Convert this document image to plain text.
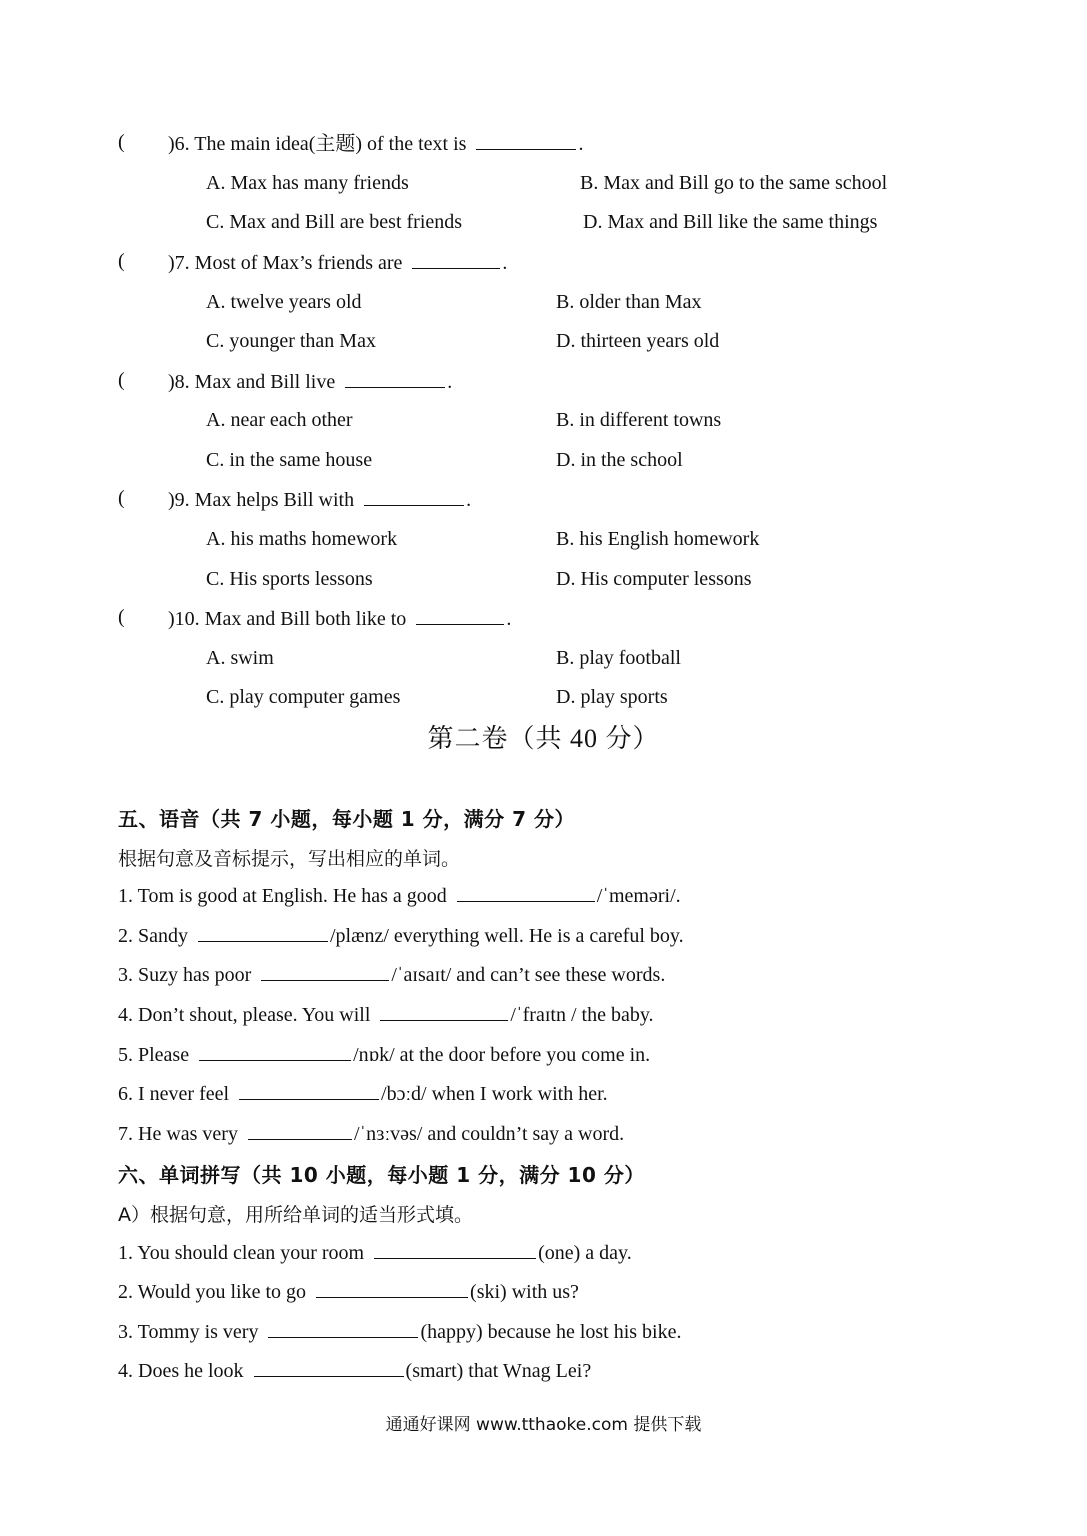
( )6. The main idea(主题) of the text is	.
A. Max has many friends	B. Max and Bill go to the same school
C. Max and Bill are best friends	D. Max and Bill like the same things
( )7. Most of Max’s friends are	.
A. twelve years old	B. older than Max
C. younger than Max	D. thirteen years old
( )8. Max and Bill live	.
A. near each other	B. in different towns
C. in the same house	D. in the school
( )9. Max helps Bill with	.
A. his maths homework	B. his English homework
C. His sports lessons	D. His computer lessons
( )10. Max and Bill both like to	.
A. swim	B. play football
C. play computer games	D. play sports
第二卷（共 40 分）
五、语音（共 7 小题，每小题 1 分，满分 7 分）
根据句意及音标提示，写出相应的单词。
1. Tom is good at English. He has a good	/ˈmeməri/.
2. Sandy	/plænz/ everything well. He is a careful boy.
3. Suzy has poor	/ˈaɪsaɪt/ and can’t see these words.
4. Don’t shout, please. You will	/ˈfraɪtn / the baby.
5. Please	/nɒk/ at the door before you come in.
6. I never feel	/bɔːd/ when I work with her.
7. He was very	/ˈnɜːvəs/ and couldn’t say a word.
六、单词拼写（共 10 小题，每小题 1 分，满分 10 分）
A）根据句意，用所给单词的适当形式填。
1. You should clean your room	(one) a day.
2. Would you like to go	(ski) with us?
3. Tommy is very	(happy) because he lost his bike.
4. Does he look	(smart) that Wnag Lei?
通通好课网 www.tthaoke.com 提供下载
